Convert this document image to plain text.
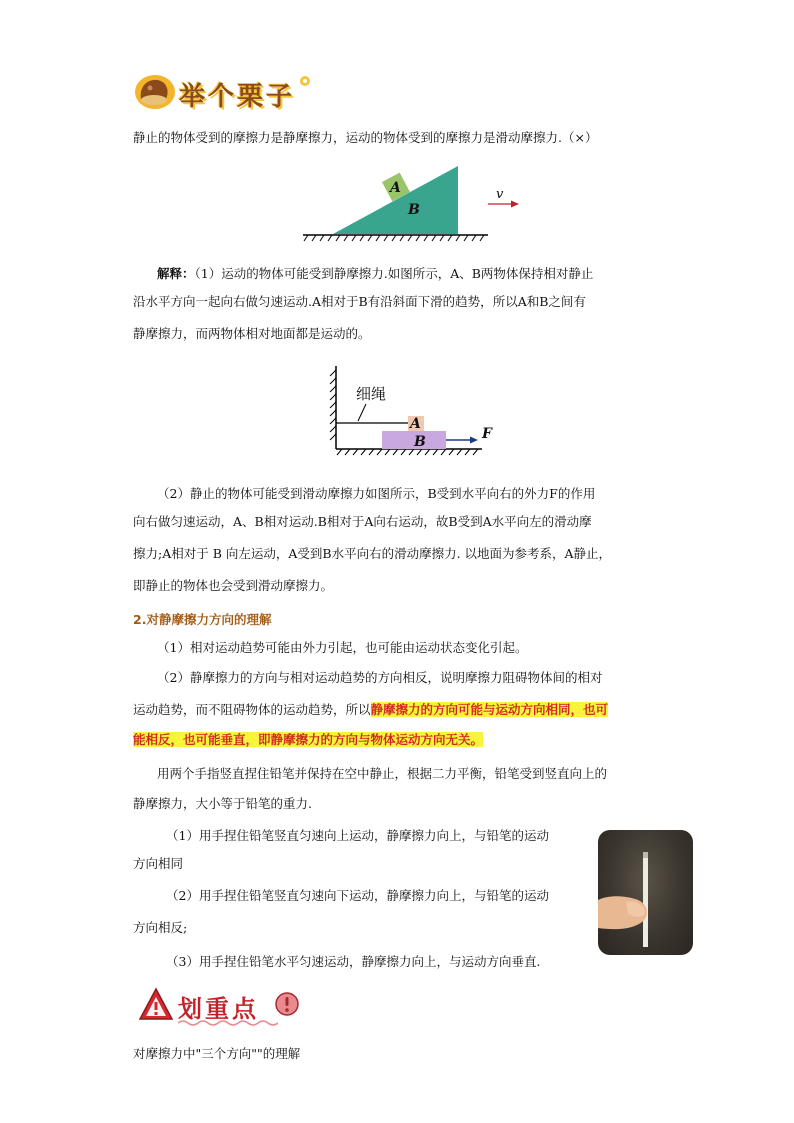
举个栗子
静止的物体受到的摩擦力是静摩擦力，运动的物体受到的摩擦力是滑动摩擦力.（×）
A
B
v
解释：（1）运动的物体可能受到静摩擦力.如图所示，A、B两物体保持相对静止
沿水平方向一起向右做匀速运动.A相对于B有沿斜面下滑的趋势，所以A和B之间有
静摩擦力，而两物体相对地面都是运动的。
细绳
A
B	F
（2）静止的物体可能受到滑动摩擦力如图所示，B受到水平向右的外力F的作用
向右做匀速运动，A、B相对运动.B相对于A向右运动，故B受到A水平向左的滑动摩
擦力;A相对于 B 向左运动，A受到B水平向右的滑动摩擦力. 以地面为参考系，A静止，
即静止的物体也会受到滑动摩擦力。
2.对静摩擦力方向的理解
（1）相对运动趋势可能由外力引起，也可能由运动状态变化引起。
（2）静摩擦力的方向与相对运动趋势的方向相反，说明摩擦力阻碍物体间的相对
运动趋势，而不阻碍物体的运动趋势，所以静摩擦力的方向可能与运动方向相同，也可
能相反，也可能垂直，即静摩擦力的方向与物体运动方向无关。
用两个手指竖直捏住铅笔并保持在空中静止，根据二力平衡，铅笔受到竖直向上的
静摩擦力，大小等于铅笔的重力.
（1）用手捏住铅笔竖直匀速向上运动，静摩擦力向上，与铅笔的运动
方向相同
（2）用手捏住铅笔竖直匀速向下运动，静摩擦力向上，与铅笔的运动
方向相反;
（3）用手捏住铅笔水平匀速运动，静摩擦力向上，与运动方向垂直.
划重点
对摩擦力中"三个方向""的理解
